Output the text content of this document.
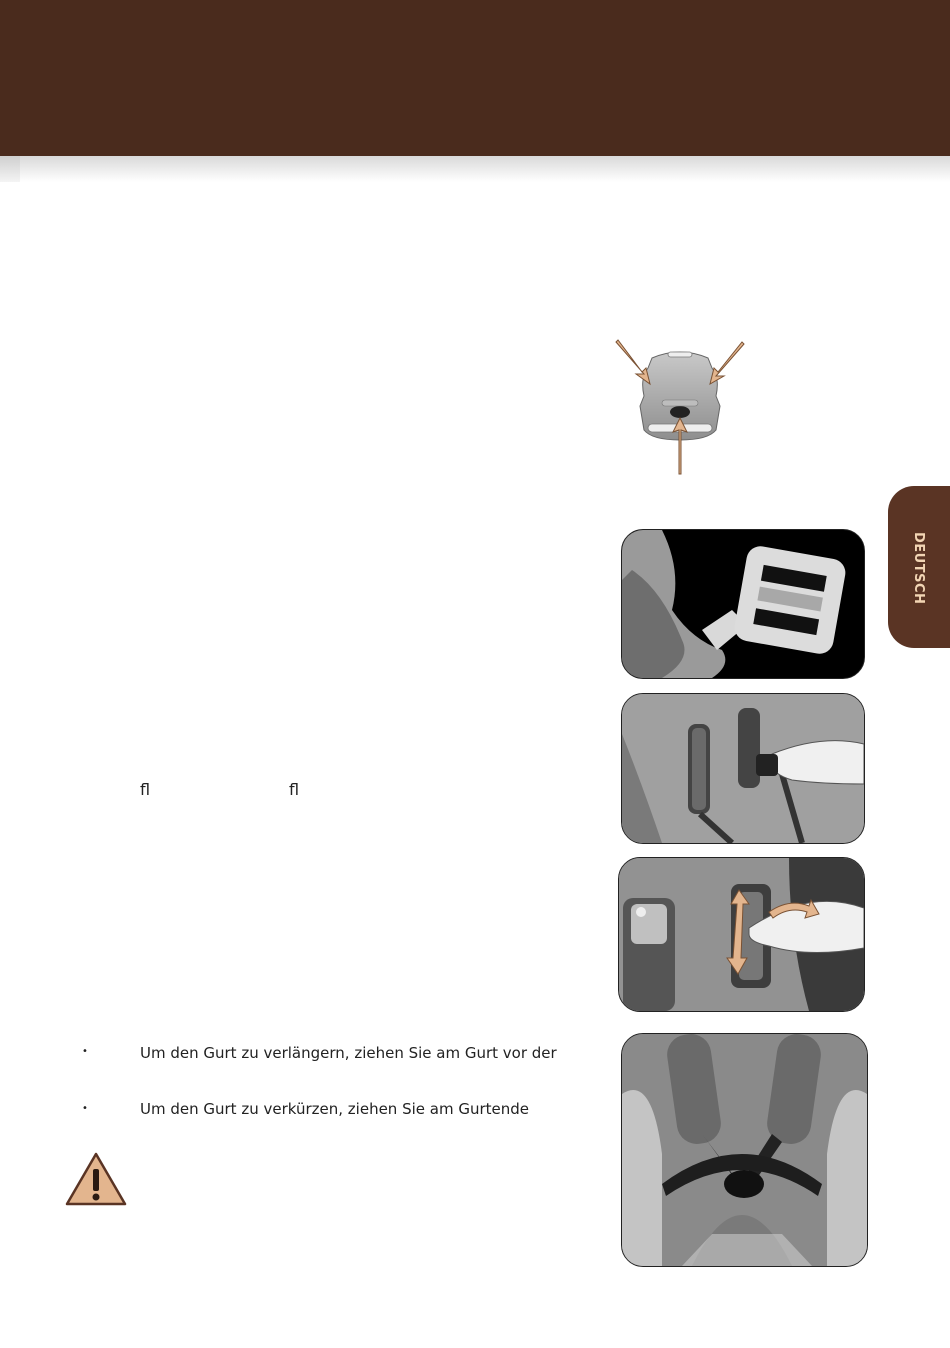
DEUTSCH
ﬂ	ﬂ
•	Um den Gurt zu verlängern, ziehen Sie am Gurt vor der
•	Um den Gurt zu verkürzen, ziehen Sie am Gurtende
